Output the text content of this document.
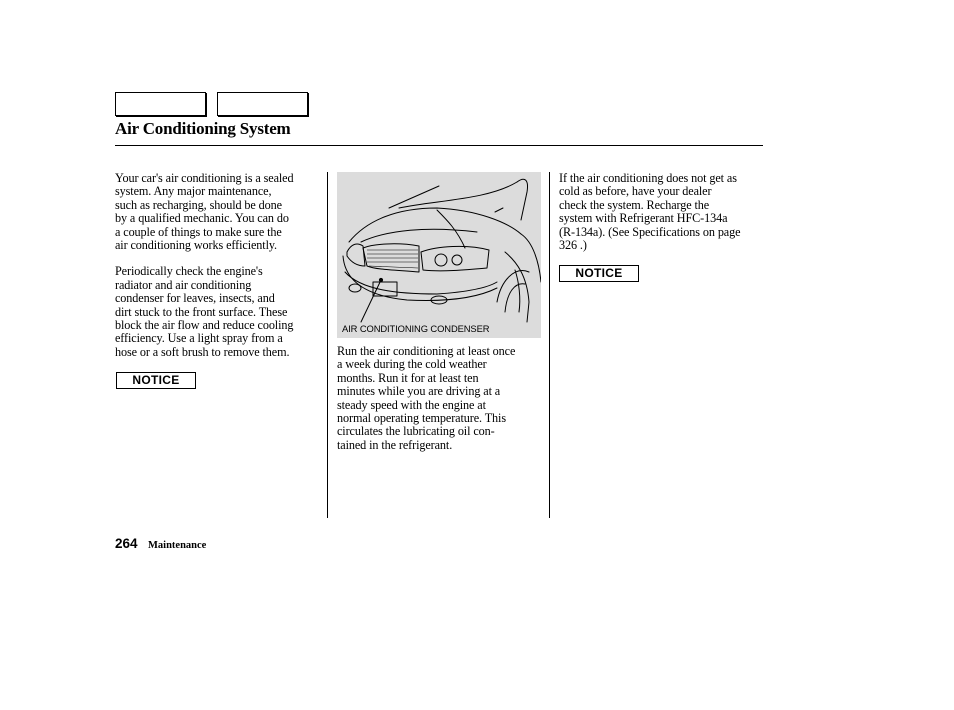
Air Conditioning System

Your car's air conditioning is a sealed
system. Any major maintenance,
such as recharging, should be done
by a qualified mechanic. You can do
a couple of things to make sure the
air conditioning works efficiently.

Periodically check the engine's
radiator and air conditioning
condenser for leaves, insects, and
dirt stuck to the front surface. These
block the air flow and reduce cooling
efficiency. Use a light spray from a
hose or a soft brush to remove them.

NOTICE
AIR CONDITIONING CONDENSER

Run the air conditioning at least once
a week during the cold weather
months. Run it for at least ten
minutes while you are driving at a
steady speed with the engine at
normal operating temperature. This
circulates the lubricating oil con-
tained in the refrigerant.

If the air conditioning does not get as
cold as before, have your dealer
check the system. Recharge the
system with Refrigerant HFC-134a
(R-134a). (See Specifications on page
326 .)

NOTICE
264 Maintenance
